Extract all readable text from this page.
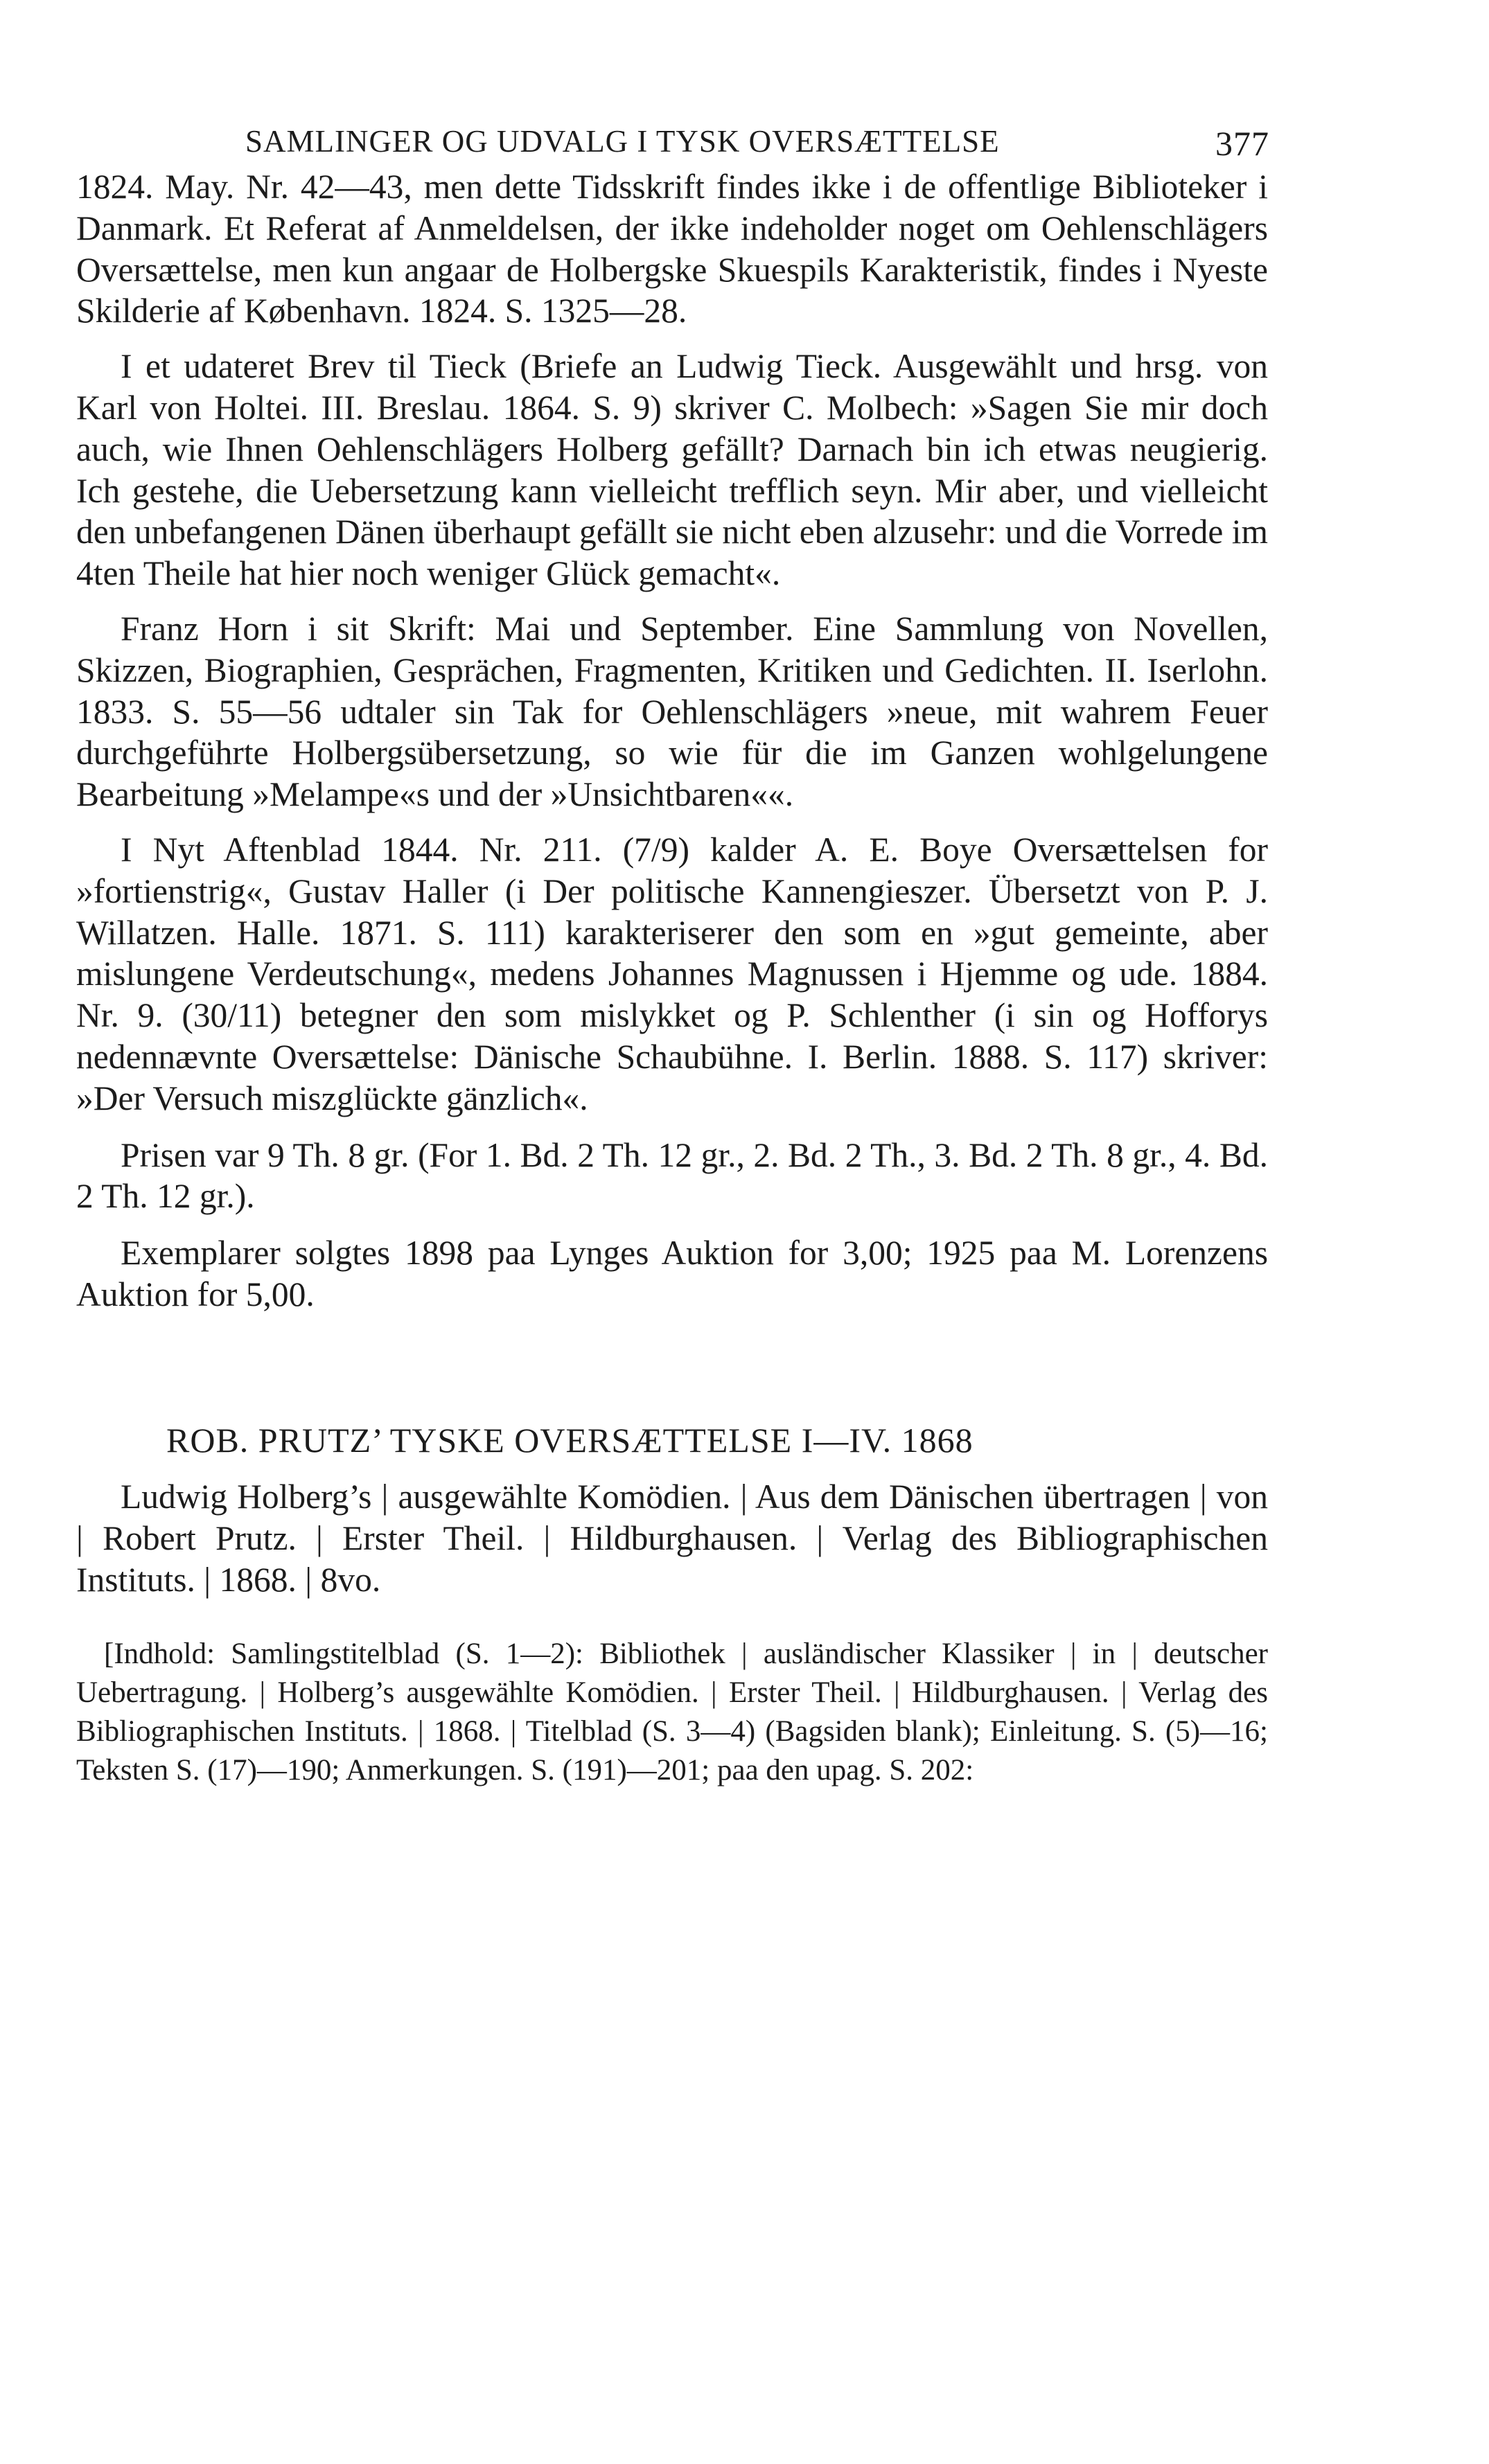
SAMLINGER OG UDVALG I TYSK OVERSÆTTELSE	377

1824. May. Nr. 42—43, men dette Tidsskrift findes ikke i de offentlige Biblioteker i Danmark. Et Referat af Anmeldelsen, der ikke indeholder noget om Oehlenschlägers Oversættelse, men kun angaar de Holbergske Skuespils Karakteristik, findes i Nyeste Skilderie af København. 1824. S. 1325—28.

I et udateret Brev til Tieck (Briefe an Ludwig Tieck. Ausgewählt und hrsg. von Karl von Holtei. III. Breslau. 1864. S. 9) skriver C. Molbech: »Sagen Sie mir doch auch, wie Ihnen Oehlenschlägers Holberg gefällt? Darnach bin ich etwas neugierig. Ich gestehe, die Uebersetzung kann vielleicht trefflich seyn. Mir aber, und vielleicht den unbefangenen Dänen überhaupt gefällt sie nicht eben alzusehr: und die Vorrede im 4ten Theile hat hier noch weniger Glück gemacht«.

Franz Horn i sit Skrift: Mai und September. Eine Sammlung von Novellen, Skizzen, Biographien, Gesprächen, Fragmenten, Kritiken und Gedichten. II. Iserlohn. 1833. S. 55—56 udtaler sin Tak for Oehlenschlägers »neue, mit wahrem Feuer durchgeführte Holbergsübersetzung, so wie für die im Ganzen wohlgelungene Bearbeitung »Melampe«s und der »Unsichtbaren««.

I Nyt Aftenblad 1844. Nr. 211. (7/9) kalder A. E. Boye Oversættelsen for »fortienstrig«, Gustav Haller (i Der politische Kannengieszer. Übersetzt von P. J. Willatzen. Halle. 1871. S. 111) karakteriserer den som en »gut gemeinte, aber mislungene Verdeutschung«, medens Johannes Magnussen i Hjemme og ude. 1884. Nr. 9. (30/11) betegner den som mislykket og P. Schlenther (i sin og Hofforys nedennævnte Oversættelse: Dänische Schaubühne. I. Berlin. 1888. S. 117) skriver: »Der Versuch miszglückte gänzlich«.

Prisen var 9 Th. 8 gr. (For 1. Bd. 2 Th. 12 gr., 2. Bd. 2 Th., 3. Bd. 2 Th. 8 gr., 4. Bd. 2 Th. 12 gr.).

Exemplarer solgtes 1898 paa Lynges Auktion for 3,00; 1925 paa M. Lorenzens Auktion for 5,00.

ROB. PRUTZ’ TYSKE OVERSÆTTELSE I—IV. 1868

Ludwig Holberg’s | ausgewählte Komödien. | Aus dem Dänischen übertragen | von | Robert Prutz. | Erster Theil. | Hildburghausen. | Verlag des Bibliographischen Instituts. | 1868. | 8vo.

[Indhold: Samlingstitelblad (S. 1—2): Bibliothek | ausländischer Klassiker | in | deutscher Uebertragung. | Holberg’s ausgewählte Komödien. | Erster Theil. | Hildburghausen. | Verlag des Bibliographischen Instituts. | 1868. | Titelblad (S. 3—4) (Bagsiden blank); Einleitung. S. (5)—16; Teksten S. (17)—190; Anmerkungen. S. (191)—201; paa den upag. S. 202:
